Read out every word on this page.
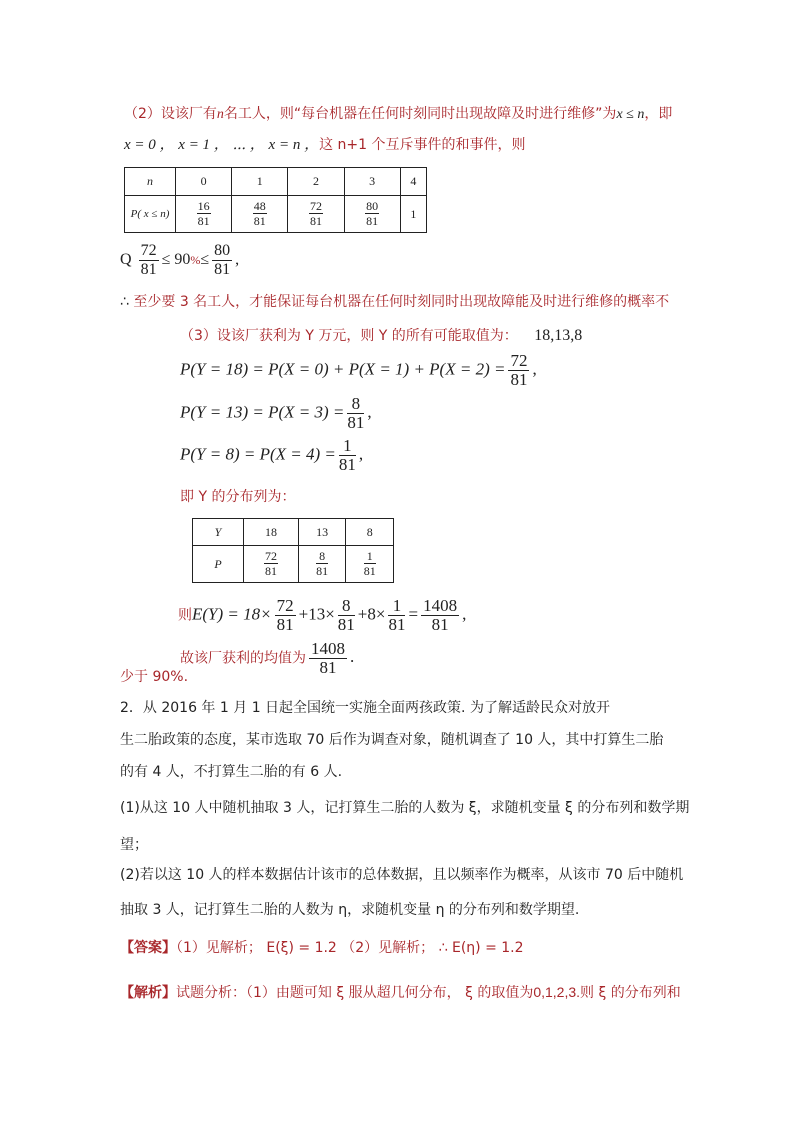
（2）设该厂有n名工人，则“每台机器在任何时刻同时出现故障及时进行维修”为x ≤ n，即
x = 0 ， x = 1 ， ⋯ ， x = n ，这 n+1 个互斥事件的和事件，则
n	0	1	2	3	4
P( x ≤ n)	$\frac{16}{81}$	$\frac{48}{81}$	$\frac{72}{81}$	$\frac{80}{81}$	1
Q $\frac{72}{81} \le 90\%\le \frac{80}{81}$ ,
∴ 至少要 3 名工人，才能保证每台机器在任何时刻同时出现故障能及时进行维修的概率不
（3）设该厂获利为 Y 万元，则 Y 的所有可能取值为： 18,13,8
$P(Y = 18) = P(X = 0) + P(X = 1) + P(X = 2) = \frac{72}{81}$ ,
$P(Y = 13) = P(X = 3) = \frac{8}{81}$ ,
$P(Y = 8) = P(X = 4) = \frac{1}{81}$ ,
即 Y 的分布列为：
Y	18	13	8
P	$\frac{72}{81}$	$\frac{8}{81}$	$\frac{1}{81}$
则$E(Y) = 18\times \frac{72}{81} +13\times \frac{8}{81} +8\times \frac{1}{81} = \frac{1408}{81}$ ,
故该厂获利的均值为 $\frac{1408}{81}$ .
少于 90%.
2．从 2016 年 1 月 1 日起全国统一实施全面两孩政策. 为了解适龄民众对放开
生二胎政策的态度，某市选取 70 后作为调查对象，随机调查了 10 人，其中打算生二胎
的有 4 人，不打算生二胎的有 6 人.
(1)从这 10 人中随机抽取 3 人，记打算生二胎的人数为 ξ，求随机变量 ξ 的分布列和数学期
望；
(2)若以这 10 人的样本数据估计该市的总体数据，且以频率作为概率，从该市 70 后中随机
抽取 3 人，记打算生二胎的人数为 η，求随机变量 η 的分布列和数学期望.
【答案】（1）见解析； E(ξ) = 1.2 （2）见解析； ∴ E(η) = 1.2
【解析】试题分析：（1）由题可知 ξ 服从超几何分布， ξ 的取值为0,1,2,3.则 ξ 的分布列和
